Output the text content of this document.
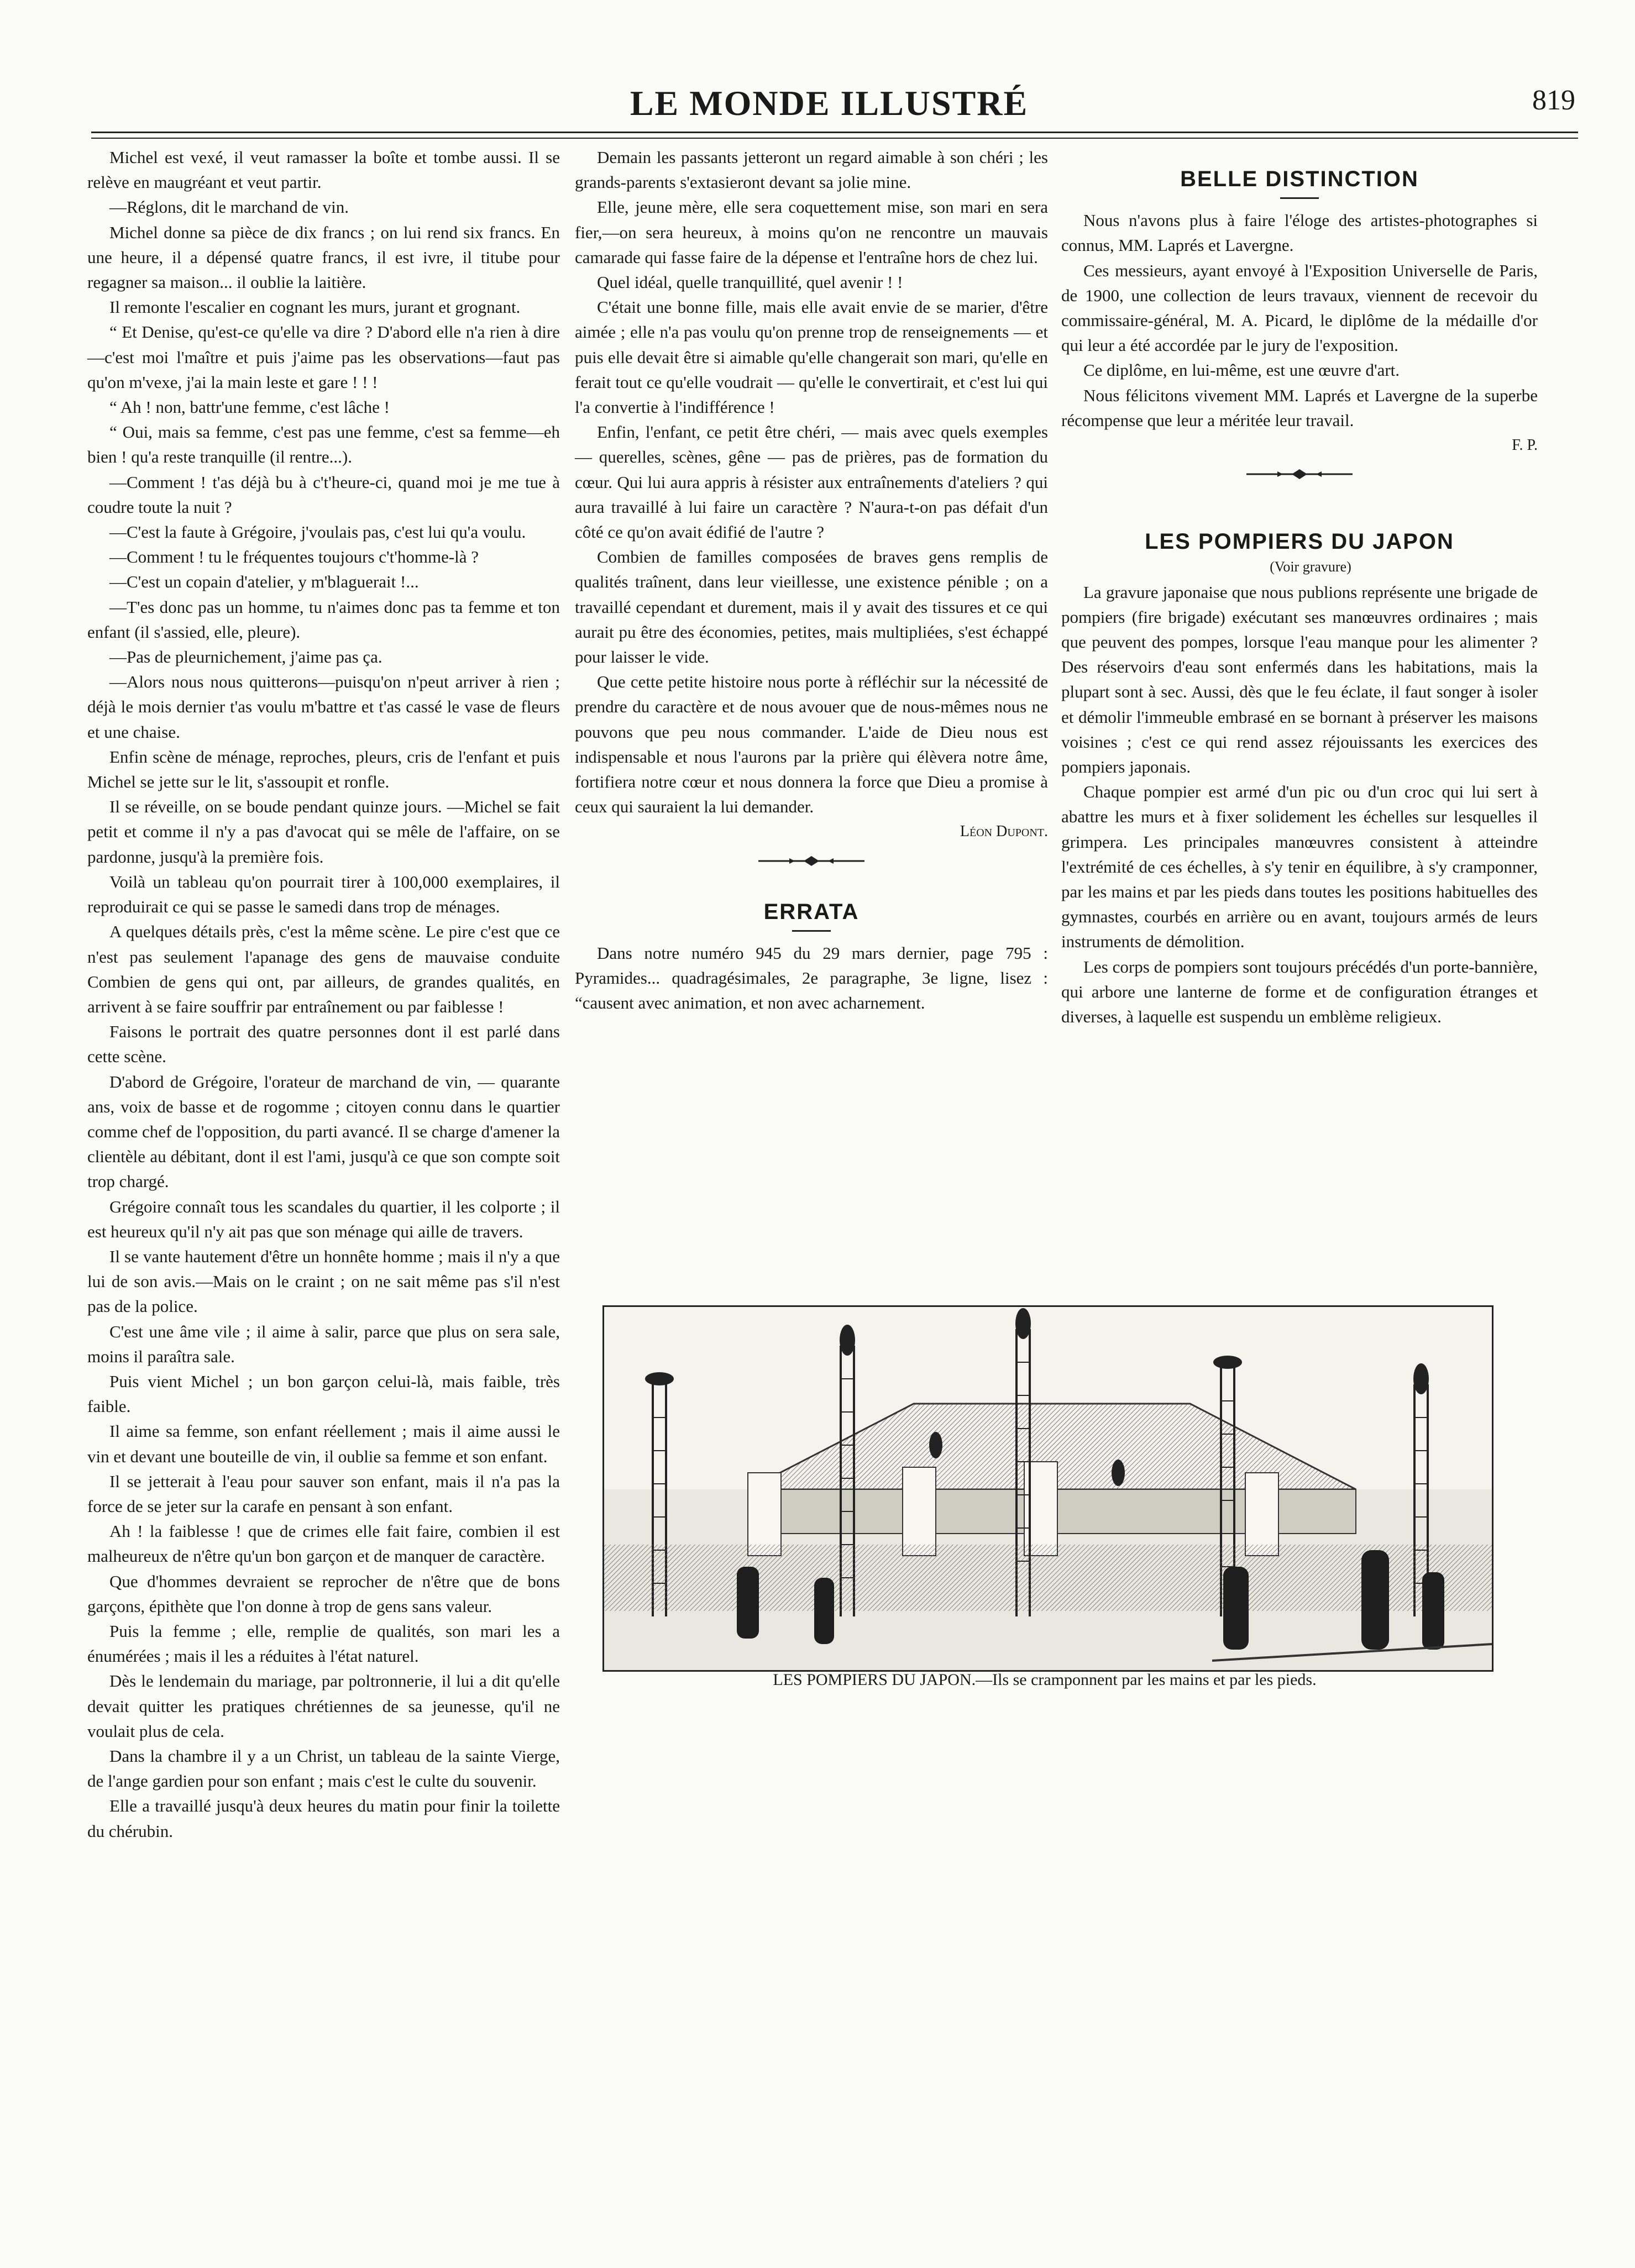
LE MONDE ILLUSTRÉ	819

Michel est vexé, il veut ramasser la boîte et tombe aussi. Il se relève en maugréant et veut partir.

—Réglons, dit le marchand de vin.

Michel donne sa pièce de dix francs ; on lui rend six francs. En une heure, il a dépensé quatre francs, il est ivre, il titube pour regagner sa maison... il oublie la laitière.

Il remonte l'escalier en cognant les murs, jurant et grognant.

“ Et Denise, qu'est-ce qu'elle va dire ? D'abord elle n'a rien à dire—c'est moi l'maître et puis j'aime pas les observations—faut pas qu'on m'vexe, j'ai la main leste et gare ! ! !

“ Ah ! non, battr'une femme, c'est lâche !

“ Oui, mais sa femme, c'est pas une femme, c'est sa femme—eh bien ! qu'a reste tranquille (il rentre...).

—Comment ! t'as déjà bu à c't'heure-ci, quand moi je me tue à coudre toute la nuit ?

—C'est la faute à Grégoire, j'voulais pas, c'est lui qu'a voulu.

—Comment ! tu le fréquentes toujours c't'homme-là ?

—C'est un copain d'atelier, y m'blaguerait !...

—T'es donc pas un homme, tu n'aimes donc pas ta femme et ton enfant (il s'assied, elle, pleure).

—Pas de pleurnichement, j'aime pas ça.

—Alors nous nous quitterons—puisqu'on n'peut arriver à rien ; déjà le mois dernier t'as voulu m'battre et t'as cassé le vase de fleurs et une chaise.

Enfin scène de ménage, reproches, pleurs, cris de l'enfant et puis Michel se jette sur le lit, s'assoupit et ronfle.

Il se réveille, on se boude pendant quinze jours. —Michel se fait petit et comme il n'y a pas d'avocat qui se mêle de l'affaire, on se pardonne, jusqu'à la première fois.

Voilà un tableau qu'on pourrait tirer à 100,000 exemplaires, il reproduirait ce qui se passe le samedi dans trop de ménages.

A quelques détails près, c'est la même scène. Le pire c'est que ce n'est pas seulement l'apanage des gens de mauvaise conduite Combien de gens qui ont, par ailleurs, de grandes qualités, en arrivent à se faire souffrir par entraînement ou par faiblesse !

Faisons le portrait des quatre personnes dont il est parlé dans cette scène.

D'abord de Grégoire, l'orateur de marchand de vin, — quarante ans, voix de basse et de rogomme ; citoyen connu dans le quartier comme chef de l'opposition, du parti avancé. Il se charge d'amener la clientèle au débitant, dont il est l'ami, jusqu'à ce que son compte soit trop chargé.

Grégoire connaît tous les scandales du quartier, il les colporte ; il est heureux qu'il n'y ait pas que son ménage qui aille de travers.

Il se vante hautement d'être un honnête homme ; mais il n'y a que lui de son avis.—Mais on le craint ; on ne sait même pas s'il n'est pas de la police.

C'est une âme vile ; il aime à salir, parce que plus on sera sale, moins il paraîtra sale.

Puis vient Michel ; un bon garçon celui-là, mais faible, très faible.

Il aime sa femme, son enfant réellement ; mais il aime aussi le vin et devant une bouteille de vin, il oublie sa femme et son enfant.

Il se jetterait à l'eau pour sauver son enfant, mais il n'a pas la force de se jeter sur la carafe en pensant à son enfant.

Ah ! la faiblesse ! que de crimes elle fait faire, combien il est malheureux de n'être qu'un bon garçon et de manquer de caractère.

Que d'hommes devraient se reprocher de n'être que de bons garçons, épithète que l'on donne à trop de gens sans valeur.

Puis la femme ; elle, remplie de qualités, son mari les a énumérées ; mais il les a réduites à l'état naturel.

Dès le lendemain du mariage, par poltronnerie, il lui a dit qu'elle devait quitter les pratiques chrétiennes de sa jeunesse, qu'il ne voulait plus de cela.

Dans la chambre il y a un Christ, un tableau de la sainte Vierge, de l'ange gardien pour son enfant ; mais c'est le culte du souvenir.

Elle a travaillé jusqu'à deux heures du matin pour finir la toilette du chérubin.

Demain les passants jetteront un regard aimable à son chéri ; les grands-parents s'extasieront devant sa jolie mine.

Elle, jeune mère, elle sera coquettement mise, son mari en sera fier,—on sera heureux, à moins qu'on ne rencontre un mauvais camarade qui fasse faire de la dépense et l'entraîne hors de chez lui.

Quel idéal, quelle tranquillité, quel avenir ! !

C'était une bonne fille, mais elle avait envie de se marier, d'être aimée ; elle n'a pas voulu qu'on prenne trop de renseignements — et puis elle devait être si aimable qu'elle changerait son mari, qu'elle en ferait tout ce qu'elle voudrait — qu'elle le convertirait, et c'est lui qui l'a convertie à l'indifférence !

Enfin, l'enfant, ce petit être chéri, — mais avec quels exemples — querelles, scènes, gêne — pas de prières, pas de formation du cœur. Qui lui aura appris à résister aux entraînements d'ateliers ? qui aura travaillé à lui faire un caractère ? N'aura-t-on pas défait d'un côté ce qu'on avait édifié de l'autre ?

Combien de familles composées de braves gens remplis de qualités traînent, dans leur vieillesse, une existence pénible ; on a travaillé cependant et durement, mais il y avait des tissures et ce qui aurait pu être des économies, petites, mais multipliées, s'est échappé pour laisser le vide.

Que cette petite histoire nous porte à réfléchir sur la nécessité de prendre du caractère et de nous avouer que de nous-mêmes nous ne pouvons que peu nous commander. L'aide de Dieu nous est indispensable et nous l'aurons par la prière qui élèvera notre âme, fortifiera notre cœur et nous donnera la force que Dieu a promise à ceux qui sauraient la lui demander.

Léon Dupont.

ERRATA

Dans notre numéro 945 du 29 mars dernier, page 795 : Pyramides... quadragésimales, 2e paragraphe, 3e ligne, lisez : “causent avec animation, et non avec acharnement.

BELLE DISTINCTION

Nous n'avons plus à faire l'éloge des artistes-photographes si connus, MM. Laprés et Lavergne.

Ces messieurs, ayant envoyé à l'Exposition Universelle de Paris, de 1900, une collection de leurs travaux, viennent de recevoir du commissaire-général, M. A. Picard, le diplôme de la médaille d'or qui leur a été accordée par le jury de l'exposition.

Ce diplôme, en lui-même, est une œuvre d'art.

Nous félicitons vivement MM. Laprés et Lavergne de la superbe récompense que leur a méritée leur travail.

F. P.

LES POMPIERS DU JAPON

(Voir gravure)

La gravure japonaise que nous publions représente une brigade de pompiers (fire brigade) exécutant ses manœuvres ordinaires ; mais que peuvent des pompes, lorsque l'eau manque pour les alimenter ? Des réservoirs d'eau sont enfermés dans les habitations, mais la plupart sont à sec. Aussi, dès que le feu éclate, il faut songer à isoler et démolir l'immeuble embrasé en se bornant à préserver les maisons voisines ; c'est ce qui rend assez réjouissants les exercices des pompiers japonais.

Chaque pompier est armé d'un pic ou d'un croc qui lui sert à abattre les murs et à fixer solidement les échelles sur lesquelles il grimpera. Les principales manœuvres consistent à atteindre l'extrémité de ces échelles, à s'y tenir en équilibre, à s'y cramponner, par les mains et par les pieds dans toutes les positions habituelles des gymnastes, courbés en arrière ou en avant, toujours armés de leurs instruments de démolition.

Les corps de pompiers sont toujours précédés d'un porte-bannière, qui arbore une lanterne de forme et de configuration étranges et diverses, à laquelle est suspendu un emblème religieux.

LES POMPIERS DU JAPON.—Ils se cramponnent par les mains et par les pieds.
